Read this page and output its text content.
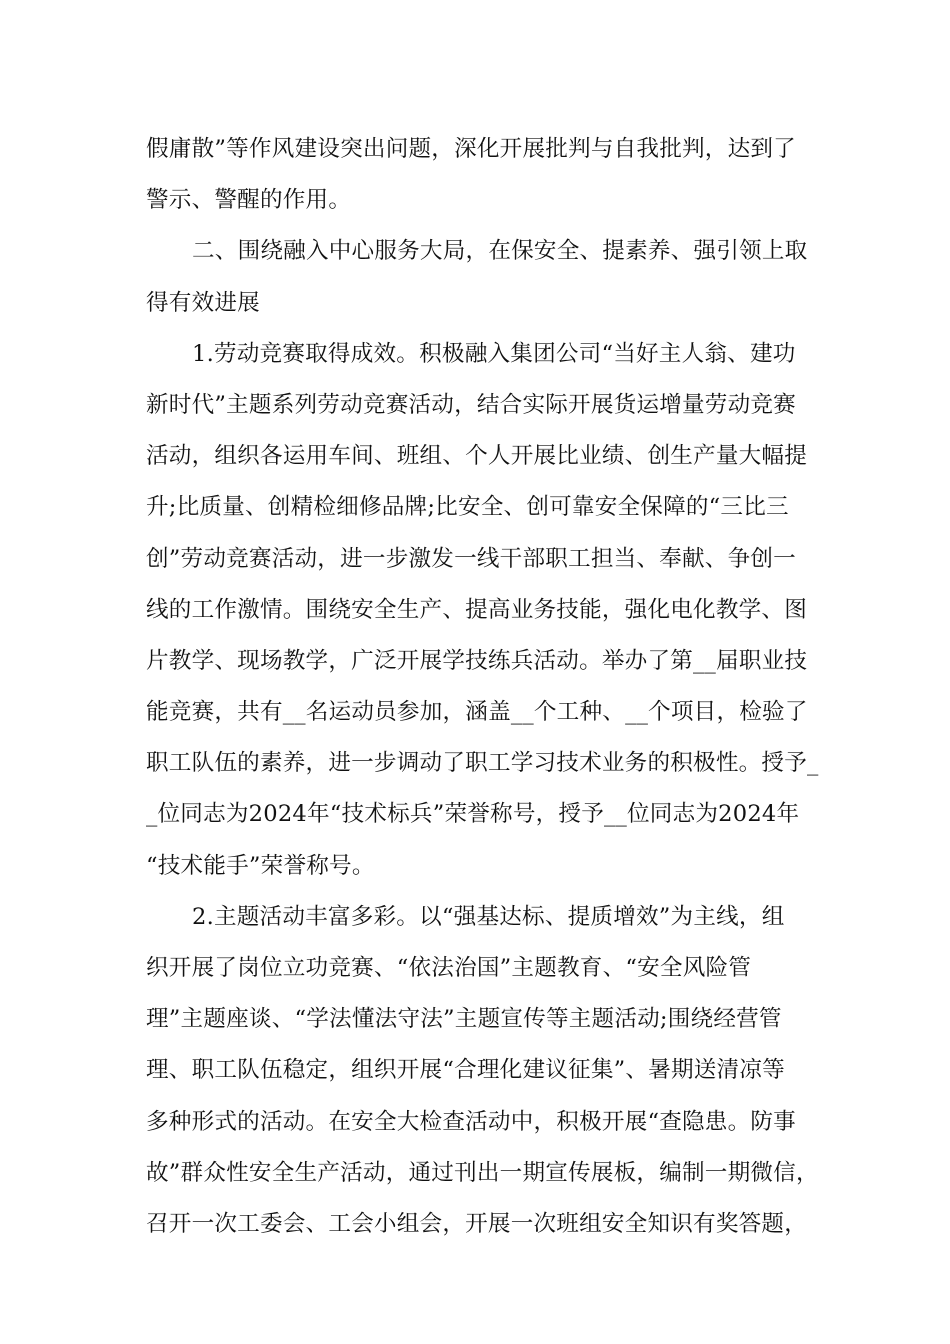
假庸散”等作风建设突出问题，深化开展批判与自我批判，达到了
警示、警醒的作用。
二、围绕融入中心服务大局，在保安全、提素养、强引领上取
得有效进展
1.劳动竞赛取得成效。积极融入集团公司“当好主人翁、建功
新时代”主题系列劳动竞赛活动，结合实际开展货运增量劳动竞赛
活动，组织各运用车间、班组、个人开展比业绩、创生产量大幅提
升;比质量、创精检细修品牌;比安全、创可靠安全保障的“三比三
创”劳动竞赛活动，进一步激发一线干部职工担当、奉献、争创一
线的工作激情。围绕安全生产、提高业务技能，强化电化教学、图
片教学、现场教学，广泛开展学技练兵活动。举办了第__届职业技
能竞赛，共有__名运动员参加，涵盖__个工种、__个项目，检验了
职工队伍的素养，进一步调动了职工学习技术业务的积极性。授予_
_位同志为2024年“技术标兵”荣誉称号，授予__位同志为2024年
“技术能手”荣誉称号。
2.主题活动丰富多彩。以“强基达标、提质增效”为主线，组
织开展了岗位立功竞赛、“依法治国”主题教育、“安全风险管
理”主题座谈、“学法懂法守法”主题宣传等主题活动;围绕经营管
理、职工队伍稳定，组织开展“合理化建议征集”、暑期送清凉等
多种形式的活动。在安全大检查活动中，积极开展“查隐患。防事
故”群众性安全生产活动，通过刊出一期宣传展板，编制一期微信，
召开一次工委会、工会小组会，开展一次班组安全知识有奖答题，
